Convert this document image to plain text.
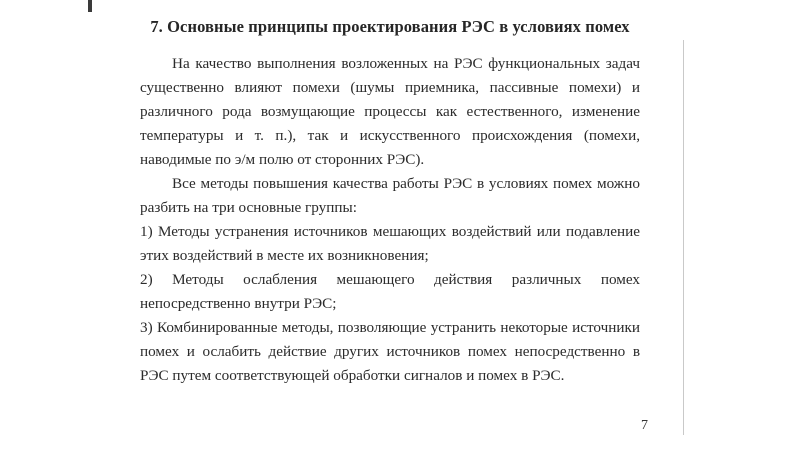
7. Основные принципы проектирования РЭС в условиях помех

На качество выполнения возложенных на РЭС функциональных задач существенно влияют помехи (шумы приемника, пассивные помехи) и различного рода возмущающие процессы как естественного, изменение температуры и т. п.), так и искусственного происхождения (помехи, наводимые по э/м полю от сторонних РЭС).

Все методы повышения качества работы РЭС в условиях помех можно разбить на три основные группы:

1) Методы устранения источников мешающих воздействий или подавление этих воздействий в месте их возникновения;

2) Методы ослабления мешающего действия различных помех непосредственно внутри РЭС;

3) Комбинированные методы, позволяющие устранить некоторые источники помех и ослабить действие других источников помех непосредственно в РЭС путем соответствующей обработки сигналов и помех в РЭС.

7
